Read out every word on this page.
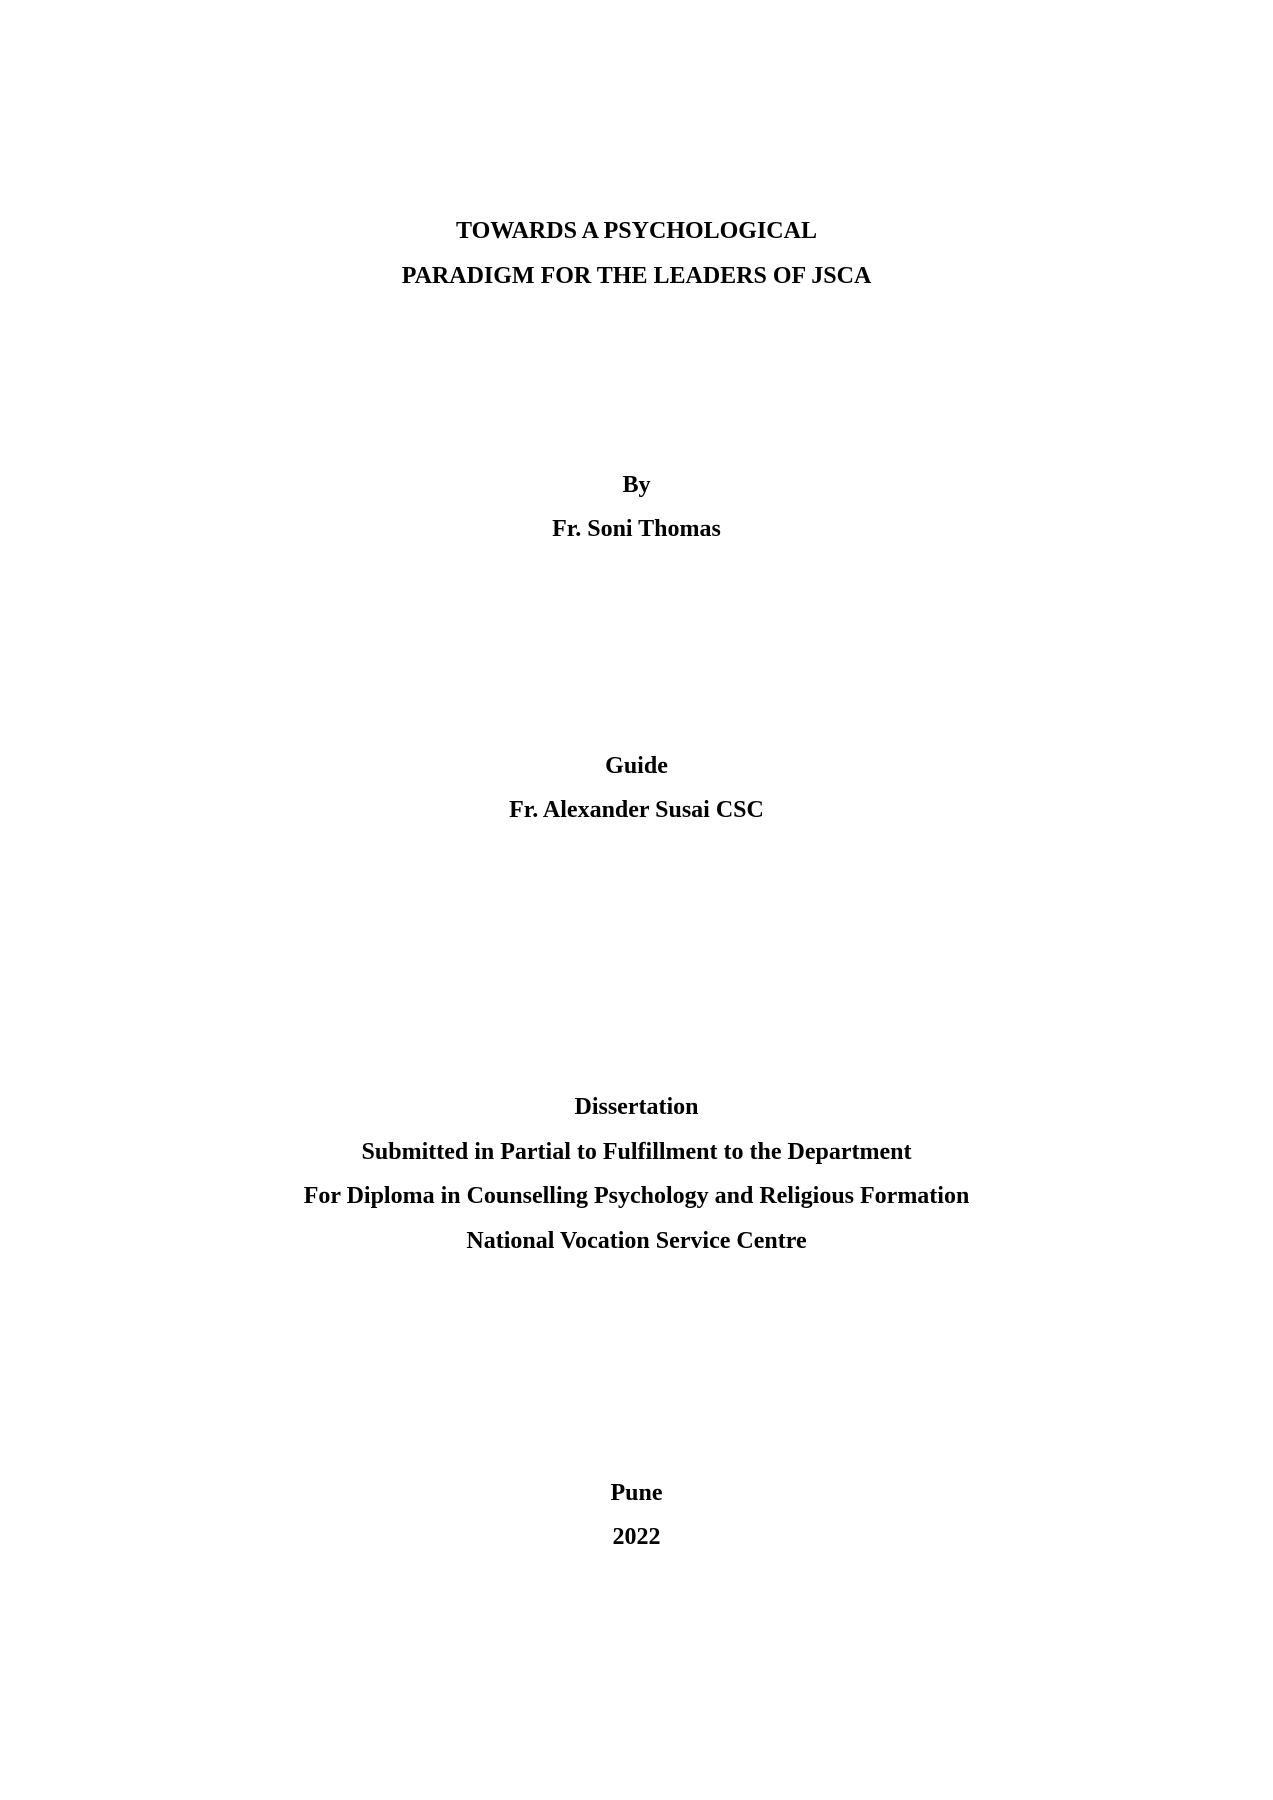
TOWARDS A PSYCHOLOGICAL
PARADIGM FOR THE LEADERS OF JSCA
By
Fr. Soni Thomas
Guide
Fr. Alexander Susai CSC
Dissertation
Submitted in Partial to Fulfillment to the Department
For Diploma in Counselling Psychology and Religious Formation
National Vocation Service Centre
Pune
2022
